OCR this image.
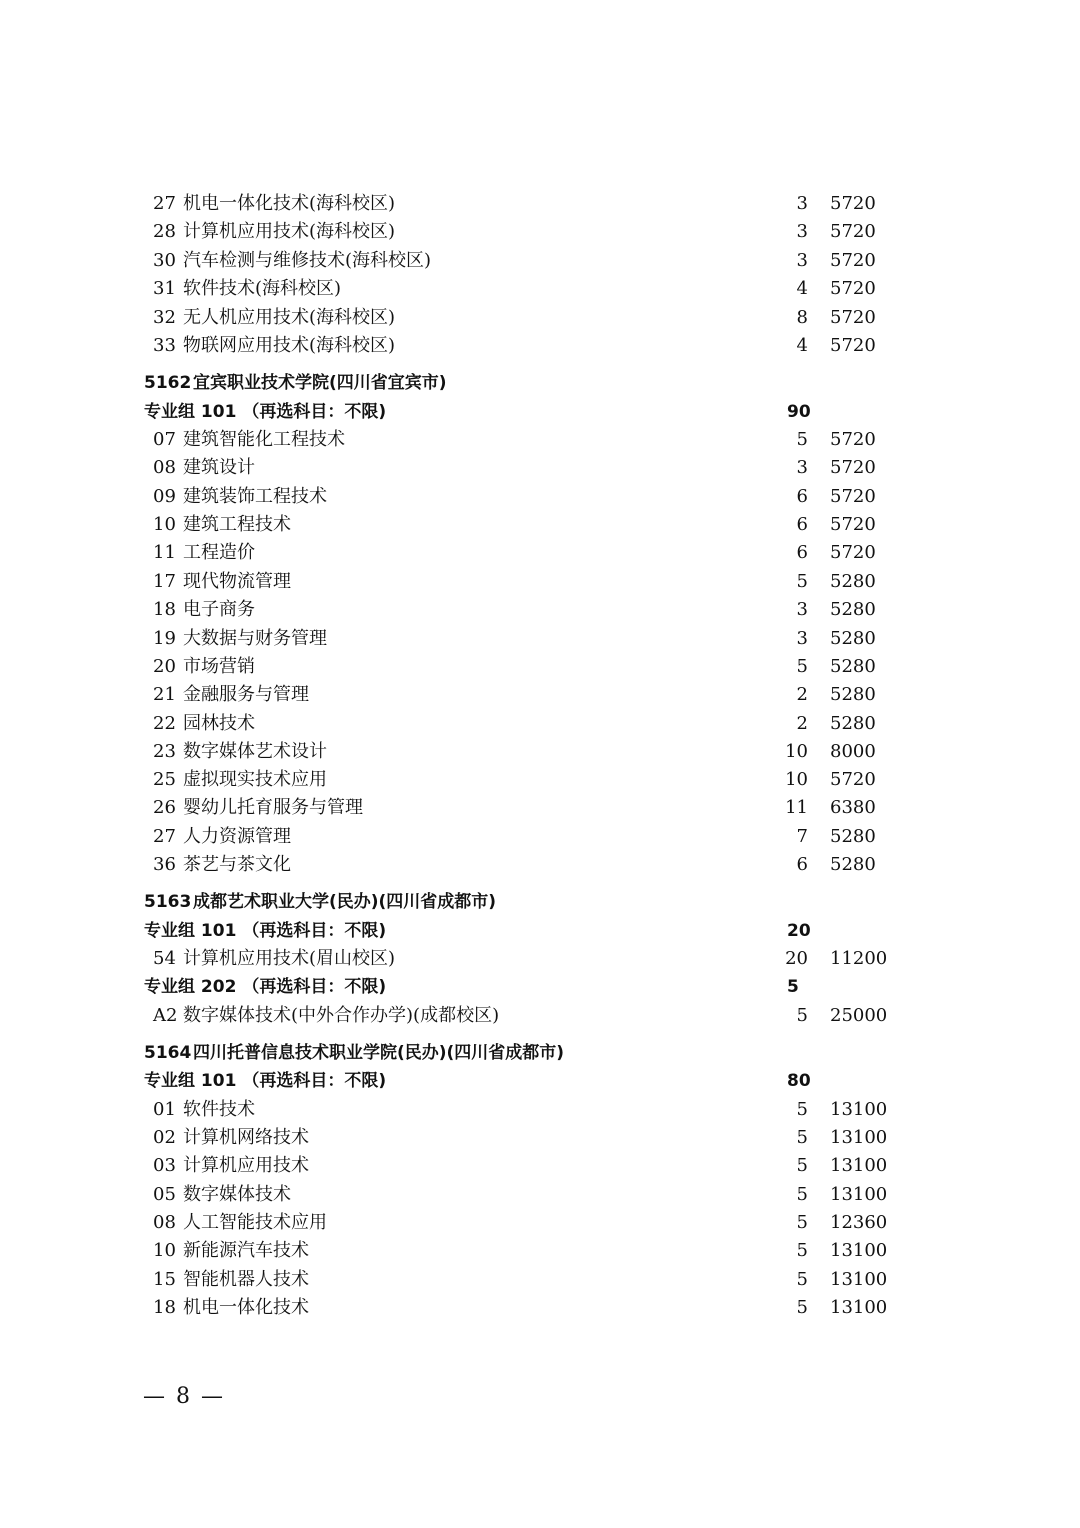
27 机电一体化技术(海科校区)	3 5720
28 计算机应用技术(海科校区)	3 5720
30 汽车检测与维修技术(海科校区)	3 5720
31 软件技术(海科校区)	4 5720
32 无人机应用技术(海科校区)	8 5720
33 物联网应用技术(海科校区)	4 5720
5162 宜宾职业技术学院(四川省宜宾市)
专业组 101 （再选科目：不限)	90
07 建筑智能化工程技术	5 5720
08 建筑设计	3 5720
09 建筑装饰工程技术	6 5720
10 建筑工程技术	6 5720
11 工程造价	6 5720
17 现代物流管理	5 5280
18 电子商务	3 5280
19 大数据与财务管理	3 5280
20 市场营销	5 5280
21 金融服务与管理	2 5280
22 园林技术	2 5280
23 数字媒体艺术设计	10 8000
25 虚拟现实技术应用	10 5720
26 婴幼儿托育服务与管理	11 6380
27 人力资源管理	7 5280
36 茶艺与茶文化	6 5280
5163 成都艺术职业大学(民办)(四川省成都市)
专业组 101 （再选科目：不限)	20
54 计算机应用技术(眉山校区)	20 11200
专业组 202 （再选科目：不限)	5
A2 数字媒体技术(中外合作办学)(成都校区)	5 25000
5164 四川托普信息技术职业学院(民办)(四川省成都市)
专业组 101 （再选科目：不限)	80
01 软件技术	5 13100
02 计算机网络技术	5 13100
03 计算机应用技术	5 13100
05 数字媒体技术	5 13100
08 人工智能技术应用	5 12360
10 新能源汽车技术	5 13100
15 智能机器人技术	5 13100
18 机电一体化技术	5 13100
— 8 —
